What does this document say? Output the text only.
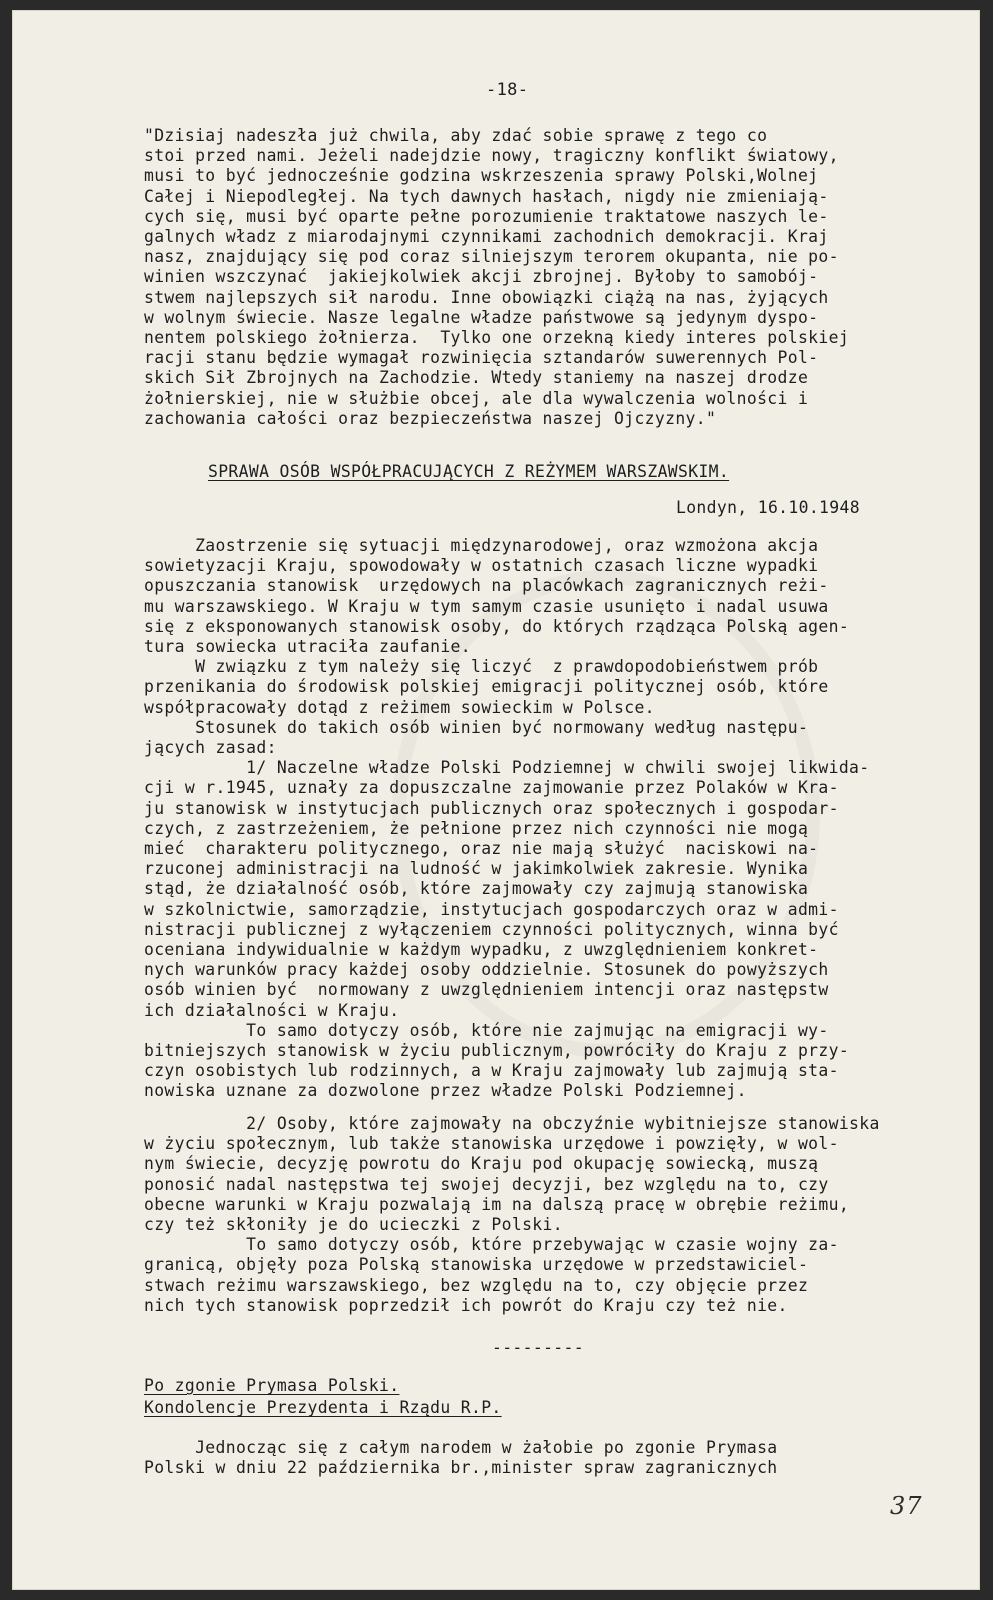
-18-
"Dzisiaj nadeszła już chwila, aby zdać sobie sprawę z tego co
stoi przed nami. Jeżeli nadejdzie nowy, tragiczny konflikt światowy,
musi to być jednocześnie godzina wskrzeszenia sprawy Polski,Wolnej
Całej i Niepodległej. Na tych dawnych hasłach, nigdy nie zmieniają-
cych się, musi być oparte pełne porozumienie traktatowe naszych le-
galnych władz z miarodajnymi czynnikami zachodnich demokracji. Kraj
nasz, znajdujący się pod coraz silniejszym terorem okupanta, nie po-
winien wszczynać  jakiejkolwiek akcji zbrojnej. Byłoby to samobój-
stwem najlepszych sił narodu. Inne obowiązki ciążą na nas, żyjących
w wolnym świecie. Nasze legalne władze państwowe są jedynym dyspo-
nentem polskiego żołnierza.  Tylko one orzekną kiedy interes polskiej
racji stanu będzie wymagał rozwinięcia sztandarów suwerennych Pol-
skich Sił Zbrojnych na Zachodzie. Wtedy staniemy na naszej drodze
żołnierskiej, nie w służbie obcej, ale dla wywalczenia wolności i
zachowania całości oraz bezpieczeństwa naszej Ojczyzny."
SPRAWA OSÓB WSPÓŁPRACUJĄCYCH Z REŻYMEM WARSZAWSKIM.
Londyn, 16.10.1948
Zaostrzenie się sytuacji międzynarodowej, oraz wzmożona akcja
sowietyzacji Kraju, spowodowały w ostatnich czasach liczne wypadki
opuszczania stanowisk  urzędowych na placówkach zagranicznych reżi-
mu warszawskiego. W Kraju w tym samym czasie usunięto i nadal usuwa
się z eksponowanych stanowisk osoby, do których rządząca Polską agen-
tura sowiecka utraciła zaufanie.
W związku z tym należy się liczyć  z prawdopodobieństwem prób
przenikania do środowisk polskiej emigracji politycznej osób, które
współpracowały dotąd z reżimem sowieckim w Polsce.
Stosunek do takich osób winien być normowany według następu-
jących zasad:
1/ Naczelne władze Polski Podziemnej w chwili swojej likwida-
cji w r.1945, uznały za dopuszczalne zajmowanie przez Polaków w Kra-
ju stanowisk w instytucjach publicznych oraz społecznych i gospodar-
czych, z zastrzeżeniem, że pełnione przez nich czynności nie mogą
mieć  charakteru politycznego, oraz nie mają służyć  naciskowi na-
rzuconej administracji na ludność w jakimkolwiek zakresie. Wynika
stąd, że działalność osób, które zajmowały czy zajmują stanowiska
w szkolnictwie, samorządzie, instytucjach gospodarczych oraz w admi-
nistracji publicznej z wyłączeniem czynności politycznych, winna być
oceniana indywidualnie w każdym wypadku, z uwzględnieniem konkret-
nych warunków pracy każdej osoby oddzielnie. Stosunek do powyższych
osób winien być  normowany z uwzględnieniem intencji oraz następstw
ich działalności w Kraju.
To samo dotyczy osób, które nie zajmując na emigracji wy-
bitniejszych stanowisk w życiu publicznym, powróciły do Kraju z przy-
czyn osobistych lub rodzinnych, a w Kraju zajmowały lub zajmują sta-
nowiska uznane za dozwolone przez władze Polski Podziemnej.
2/ Osoby, które zajmowały na obczyźnie wybitniejsze stanowiska
w życiu społecznym, lub także stanowiska urzędowe i powzięły, w wol-
nym świecie, decyzję powrotu do Kraju pod okupację sowiecką, muszą
ponosić nadal następstwa tej swojej decyzji, bez względu na to, czy
obecne warunki w Kraju pozwalają im na dalszą pracę w obrębie reżimu,
czy też skłoniły je do ucieczki z Polski.
To samo dotyczy osób, które przebywając w czasie wojny za-
granicą, objęły poza Polską stanowiska urzędowe w przedstawiciel-
stwach reżimu warszawskiego, bez względu na to, czy objęcie przez
nich tych stanowisk poprzedził ich powrót do Kraju czy też nie.
---------
Po zgonie Prymasa Polski.
Kondolencje Prezydenta i Rządu R.P.
Jednocząc się z całym narodem w żałobie po zgonie Prymasa
Polski w dniu 22 października br.,minister spraw zagranicznych
37
